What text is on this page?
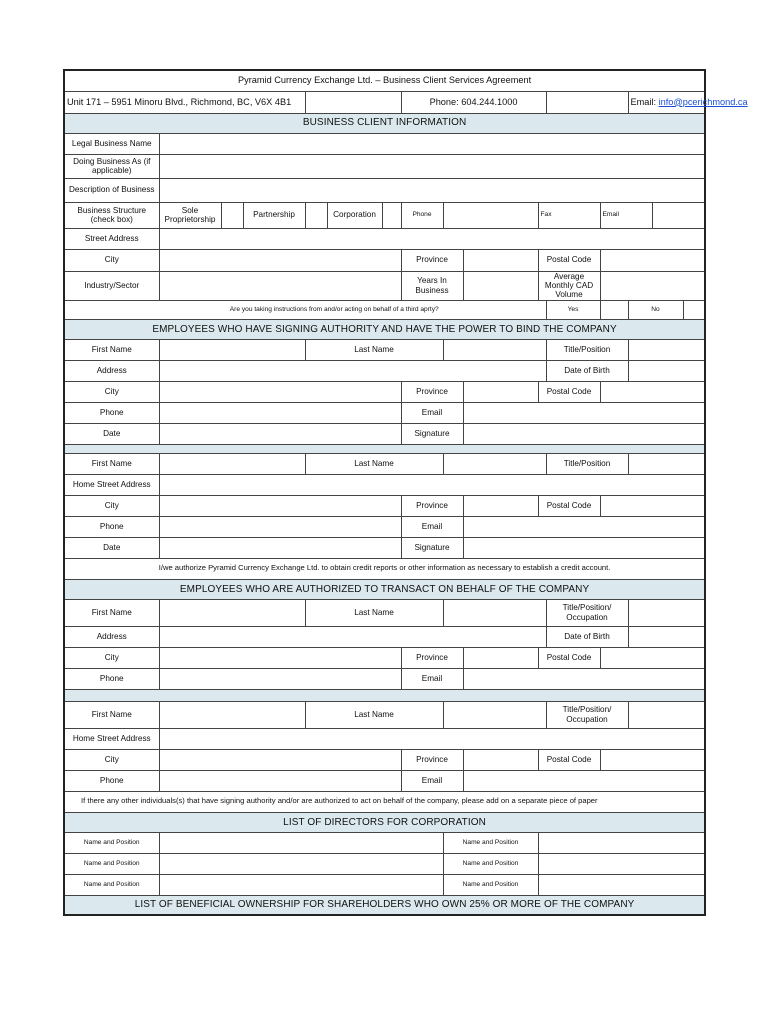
Pyramid Currency Exchange Ltd. – Business Client Services Agreement															
Unit 171 – 5951 Minoru Blvd., Richmond, BC, V6X 4B1							Phone: 604.244.1000						Email: info@pcerichmond.ca		
BUSINESS CLIENT INFORMATION															
Legal Business Name															
Doing Business As (if applicable)															
Description of Business															
Business Structure (check box)	Sole Proprietorship		Partnership		Corporation		Phone			Fax		Email			
Street Address															
City							Province			Postal Code					
Industry/Sector							Years In Business			Average Monthly CAD Volume					
Are you taking instructions from and/or acting on behalf of a third aprty?											Yes		No		
EMPLOYEES WHO HAVE SIGNING AUTHORITY AND HAVE THE POWER TO BIND THE COMPANY															
First Name				Last Name							Title/Position				
Address											Date of Birth				
City							Province			Postal Code					
Phone							Email								
Date							Signature								

First Name				Last Name							Title/Position				
Home Street Address															
City							Province			Postal Code					
Phone							Email								
Date							Signature								
I/we authorize Pyramid Currency Exchange Ltd. to obtain credit reports or other information as necessary to establish a credit account.															
EMPLOYEES WHO ARE AUTHORIZED TO TRANSACT ON BEHALF OF THE COMPANY															
First Name				Last Name							Title/Position/ Occupation				
Address											Date of Birth				
City							Province			Postal Code					
Phone							Email								

First Name				Last Name							Title/Position/ Occupation				
Home Street Address															
City							Province			Postal Code					
Phone							Email								
If there any other individuals(s) that have signing authority and/or are authorized to act on behalf of the company, please add on a separate piece of paper															
LIST OF DIRECTORS FOR CORPORATION															
Name and Position								Name and Position							
Name and Position								Name and Position							
Name and Position								Name and Position							
LIST OF BENEFICIAL OWNERSHIP FOR SHAREHOLDERS WHO OWN 25% OR MORE OF THE COMPANY															
